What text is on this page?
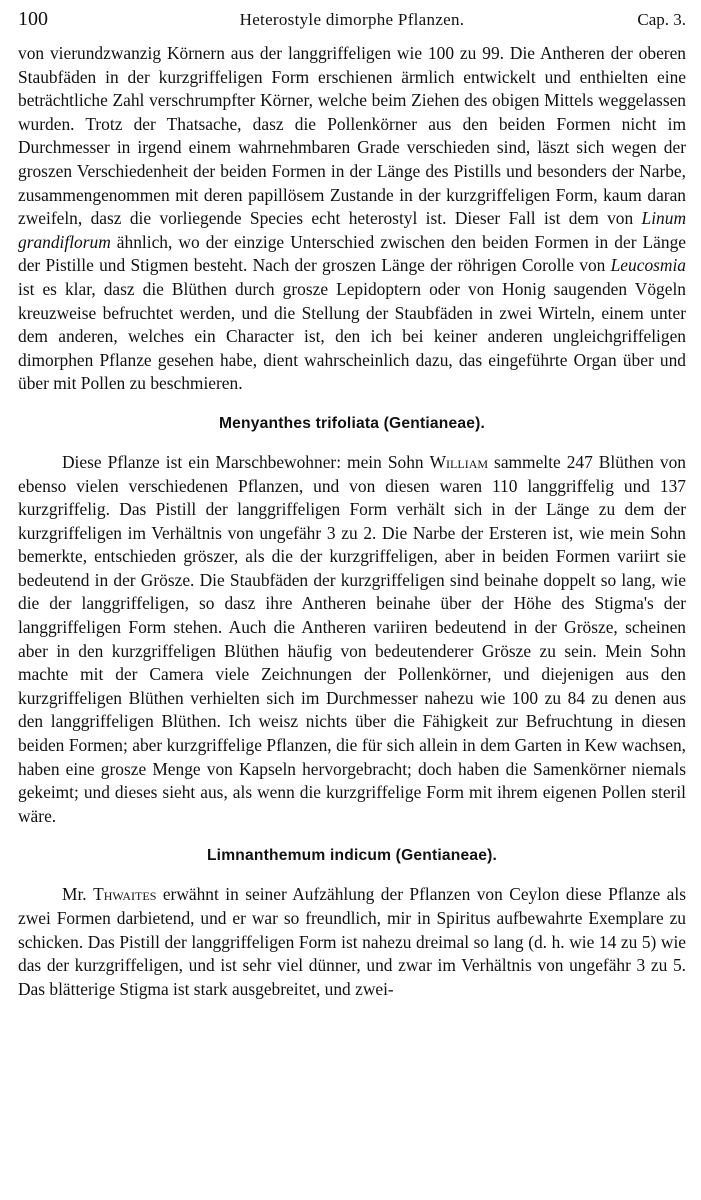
100	Heterostyle dimorphe Pflanzen.	Cap. 3.

von vierundzwanzig Körnern aus der langgriffeligen wie 100 zu 99. Die Antheren der oberen Staubfäden in der kurzgriffeligen Form erschienen ärmlich entwickelt und enthielten eine beträchtliche Zahl verschrumpfter Körner, welche beim Ziehen des obigen Mittels weggelassen wurden. Trotz der Thatsache, dasz die Pollenkörner aus den beiden Formen nicht im Durchmesser in irgend einem wahrnehmbaren Grade verschieden sind, läszt sich wegen der groszen Verschiedenheit der beiden Formen in der Länge des Pistills und besonders der Narbe, zusammengenommen mit deren papillösem Zustande in der kurzgriffeligen Form, kaum daran zweifeln, dasz die vorliegende Species echt heterostyl ist. Dieser Fall ist dem von Linum grandiflorum ähnlich, wo der einzige Unterschied zwischen den beiden Formen in der Länge der Pistille und Stigmen besteht. Nach der groszen Länge der röhrigen Corolle von Leucosmia ist es klar, dasz die Blüthen durch grosze Lepidoptern oder von Honig saugenden Vögeln kreuzweise befruchtet werden, und die Stellung der Staubfäden in zwei Wirteln, einem unter dem anderen, welches ein Character ist, den ich bei keiner anderen ungleichgriffeligen dimorphen Pflanze gesehen habe, dient wahrscheinlich dazu, das eingeführte Organ über und über mit Pollen zu beschmieren.

Menyanthes trifoliata (Gentianeae).

Diese Pflanze ist ein Marschbewohner: mein Sohn William sammelte 247 Blüthen von ebenso vielen verschiedenen Pflanzen, und von diesen waren 110 langgriffelig und 137 kurzgriffelig. Das Pistill der langgriffeligen Form verhält sich in der Länge zu dem der kurzgriffeligen im Verhältnis von ungefähr 3 zu 2. Die Narbe der Ersteren ist, wie mein Sohn bemerkte, entschieden gröszer, als die der kurzgriffeligen, aber in beiden Formen variirt sie bedeutend in der Grösze. Die Staubfäden der kurzgriffeligen sind beinahe doppelt so lang, wie die der langgriffeligen, so dasz ihre Antheren beinahe über der Höhe des Stigma's der langgriffeligen Form stehen. Auch die Antheren variiren bedeutend in der Grösze, scheinen aber in den kurzgriffeligen Blüthen häufig von bedeutenderer Grösze zu sein. Mein Sohn machte mit der Camera viele Zeichnungen der Pollenkörner, und diejenigen aus den kurzgriffeligen Blüthen verhielten sich im Durchmesser nahezu wie 100 zu 84 zu denen aus den langgriffeligen Blüthen. Ich weisz nichts über die Fähigkeit zur Befruchtung in diesen beiden Formen; aber kurzgriffelige Pflanzen, die für sich allein in dem Garten in Kew wachsen, haben eine grosze Menge von Kapseln hervorgebracht; doch haben die Samenkörner niemals gekeimt; und dieses sieht aus, als wenn die kurzgriffelige Form mit ihrem eigenen Pollen steril wäre.

Limnanthemum indicum (Gentianeae).

Mr. Thwaites erwähnt in seiner Aufzählung der Pflanzen von Ceylon diese Pflanze als zwei Formen darbietend, und er war so freundlich, mir in Spiritus aufbewahrte Exemplare zu schicken. Das Pistill der langgriffeligen Form ist nahezu dreimal so lang (d. h. wie 14 zu 5) wie das der kurzgriffeligen, und ist sehr viel dünner, und zwar im Verhältnis von ungefähr 3 zu 5. Das blätterige Stigma ist stark ausgebreitet, und zwei-
